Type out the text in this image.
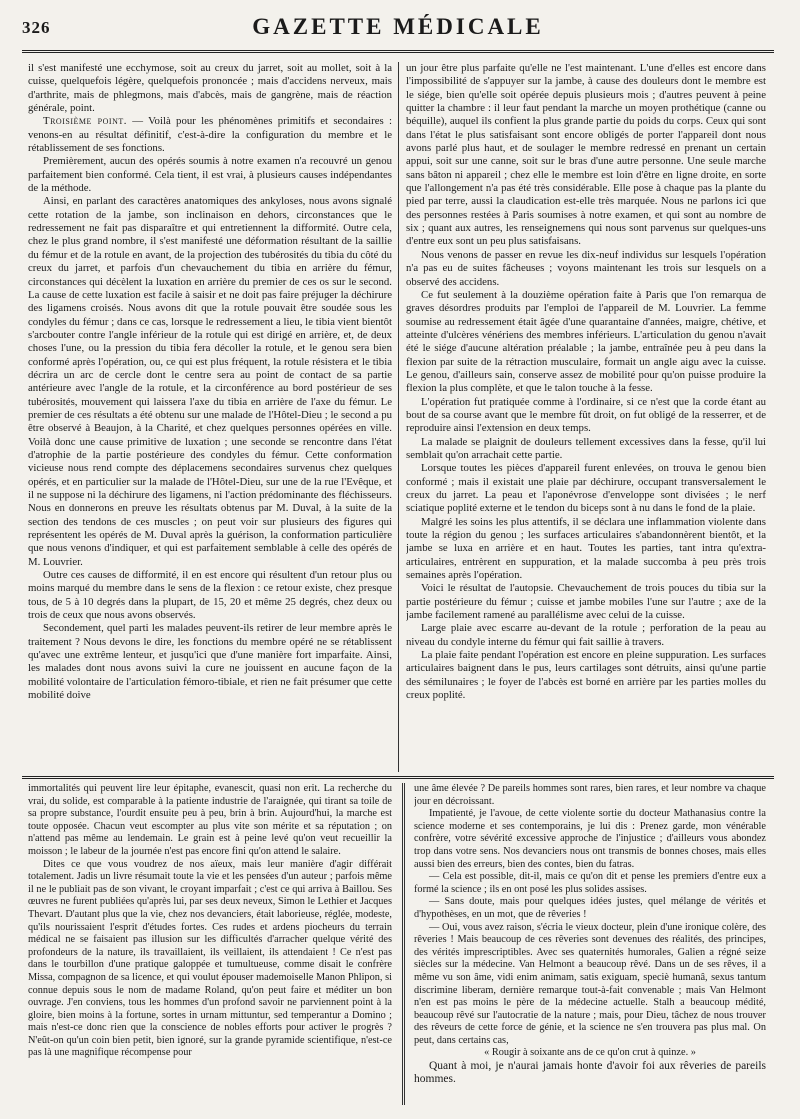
326	GAZETTE MÉDICALE

il s'est manifesté une ecchymose, soit au creux du jarret, soit au mollet, soit à la cuisse, quelquefois légère, quelquefois prononcée ; mais d'accidens nerveux, mais d'arthrite, mais de phlegmons, mais d'abcès, mais de gangrène, mais de réaction générale, point.

Troisième point. — Voilà pour les phénomènes primitifs et secondaires : venons-en au résultat définitif, c'est-à-dire la configuration du membre et le rétablissement de ses fonctions.

Premièrement, aucun des opérés soumis à notre examen n'a recouvré un genou parfaitement bien conformé. Cela tient, il est vrai, à plusieurs causes indépendantes de la méthode.

Ainsi, en parlant des caractères anatomiques des ankyloses, nous avons signalé cette rotation de la jambe, son inclinaison en dehors, circonstances que le redressement ne fait pas disparaître et qui entretiennent la difformité. Outre cela, chez le plus grand nombre, il s'est manifesté une déformation résultant de la saillie du fémur et de la rotule en avant, de la projection des tubérosités du tibia du côté du creux du jarret, et parfois d'un chevauchement du tibia en arrière du fémur, circonstances qui décèlent la luxation en arrière du premier de ces os sur le second. La cause de cette luxation est facile à saisir et ne doit pas faire préjuger la déchirure des ligamens croisés. Nous avons dit que la rotule pouvait être soudée sous les condyles du fémur ; dans ce cas, lorsque le redressement a lieu, le tibia vient bientôt s'arcbouter contre l'angle inférieur de la rotule qui est dirigé en arrière, et, de deux choses l'une, ou la pression du tibia fera décoller la rotule, et le genou sera bien conformé après l'opération, ou, ce qui est plus fréquent, la rotule résistera et le tibia décrira un arc de cercle dont le centre sera au point de contact de sa partie antérieure avec l'angle de la rotule, et la circonférence au bord postérieur de ses tubérosités, mouvement qui laissera l'axe du tibia en arrière de l'axe du fémur. Le premier de ces résultats a été obtenu sur une malade de l'Hôtel-Dieu ; le second a pu être observé à Beaujon, à la Charité, et chez quelques personnes opérées en ville. Voilà donc une cause primitive de luxation ; une seconde se rencontre dans l'état d'atrophie de la partie postérieure des condyles du fémur. Cette conformation vicieuse nous rend compte des déplacemens secondaires survenus chez quelques opérés, et en particulier sur la malade de l'Hôtel-Dieu, sur une de la rue l'Evêque, et il ne suppose ni la déchirure des ligamens, ni l'action prédominante des fléchisseurs. Nous en donnerons en preuve les résultats obtenus par M. Duval, à la suite de la section des tendons de ces muscles ; on peut voir sur plusieurs des figures qui représentent les opérés de M. Duval après la guérison, la conformation particulière que nous venons d'indiquer, et qui est parfaitement semblable à celle des opérés de M. Louvrier.

Outre ces causes de difformité, il en est encore qui résultent d'un retour plus ou moins marqué du membre dans le sens de la flexion : ce retour existe, chez presque tous, de 5 à 10 degrés dans la plupart, de 15, 20 et même 25 degrés, chez deux ou trois de ceux que nous avons observés.

Secondement, quel parti les malades peuvent-ils retirer de leur membre après le traitement ? Nous devons le dire, les fonctions du membre opéré ne se rétablissent qu'avec une extrême lenteur, et jusqu'ici que d'une manière fort imparfaite. Ainsi, les malades dont nous avons suivi la cure ne jouissent en aucune façon de la mobilité volontaire de l'articulation fémoro-tibiale, et rien ne fait présumer que cette mobilité doive

un jour être plus parfaite qu'elle ne l'est maintenant. L'une d'elles est encore dans l'impossibilité de s'appuyer sur la jambe, à cause des douleurs dont le membre est le siége, bien qu'elle soit opérée depuis plusieurs mois ; d'autres peuvent à peine quitter la chambre : il leur faut pendant la marche un moyen prothétique (canne ou béquille), auquel ils confient la plus grande partie du poids du corps. Ceux qui sont dans l'état le plus satisfaisant sont encore obligés de porter l'appareil dont nous avons parlé plus haut, et de soulager le membre redressé en prenant un certain appui, soit sur une canne, soit sur le bras d'une autre personne. Une seule marche sans bâton ni appareil ; chez elle le membre est loin d'être en ligne droite, en sorte que l'allongement n'a pas été très considérable. Elle pose à chaque pas la plante du pied par terre, aussi la claudication est-elle très marquée. Nous ne parlons ici que des personnes restées à Paris soumises à notre examen, et qui sont au nombre de six ; quant aux autres, les renseignemens qui nous sont parvenus sur quelques-uns d'entre eux sont un peu plus satisfaisans.

Nous venons de passer en revue les dix-neuf individus sur lesquels l'opération n'a pas eu de suites fâcheuses ; voyons maintenant les trois sur lesquels on a observé des accidens.

Ce fut seulement à la douzième opération faite à Paris que l'on remarqua de graves désordres produits par l'emploi de l'appareil de M. Louvrier. La femme soumise au redressement était âgée d'une quarantaine d'années, maigre, chétive, et atteinte d'ulcères vénériens des membres inférieurs. L'articulation du genou n'avait été le siége d'aucune altération préalable ; la jambe, entraînée peu à peu dans la flexion par suite de la rétraction musculaire, formait un angle aigu avec la cuisse. Le genou, d'ailleurs sain, conserve assez de mobilité pour qu'on puisse produire la flexion la plus complète, et que le talon touche à la fesse.

L'opération fut pratiquée comme à l'ordinaire, si ce n'est que la corde étant au bout de sa course avant que le membre fût droit, on fut obligé de la resserrer, et de reproduire ainsi l'extension en deux temps.

La malade se plaignit de douleurs tellement excessives dans la fesse, qu'il lui semblait qu'on arrachait cette partie.

Lorsque toutes les pièces d'appareil furent enlevées, on trouva le genou bien conformé ; mais il existait une plaie par déchirure, occupant transversalement le creux du jarret. La peau et l'aponévrose d'enveloppe sont divisées ; le nerf sciatique poplité externe et le tendon du biceps sont à nu dans le fond de la plaie.

Malgré les soins les plus attentifs, il se déclara une inflammation violente dans toute la région du genou ; les surfaces articulaires s'abandonnèrent bientôt, et la jambe se luxa en arrière et en haut. Toutes les parties, tant intra qu'extra-articulaires, entrèrent en suppuration, et la malade succomba à peu près trois semaines après l'opération.

Voici le résultat de l'autopsie. Chevauchement de trois pouces du tibia sur la partie postérieure du fémur ; cuisse et jambe mobiles l'une sur l'autre ; axe de la jambe facilement ramené au parallélisme avec celui de la cuisse.

Large plaie avec escarre au-devant de la rotule ; perforation de la peau au niveau du condyle interne du fémur qui fait saillie à travers.

La plaie faite pendant l'opération est encore en pleine suppuration. Les surfaces articulaires baignent dans le pus, leurs cartilages sont détruits, ainsi qu'une partie des sémilunaires ; le foyer de l'abcès est borné en arrière par les parties molles du creux poplité.

immortalités qui peuvent lire leur épitaphe, evanescit, quasi non erit. La recherche du vrai, du solide, est comparable à la patiente industrie de l'araignée, qui tirant sa toile de sa propre substance, l'ourdit ensuite peu à peu, brin à brin. Aujourd'hui, la marche est toute opposée. Chacun veut escompter au plus vite son mérite et sa réputation ; on n'attend pas même au lendemain. Le grain est à peine levé qu'on veut recueillir la moisson ; le labeur de la journée n'est pas encore fini qu'on attend le salaire.

Dites ce que vous voudrez de nos aïeux, mais leur manière d'agir différait totalement. Jadis un livre résumait toute la vie et les pensées d'un auteur ; parfois même il ne le publiait pas de son vivant, le croyant imparfait ; c'est ce qui arriva à Baillou. Ses œuvres ne furent publiées qu'après lui, par ses deux neveux, Simon le Lethier et Jacques Thevart. D'autant plus que la vie, chez nos devanciers, était laborieuse, réglée, modeste, qu'ils nourissaient l'esprit d'études fortes. Ces rudes et ardens piocheurs du terrain médical ne se faisaient pas illusion sur les difficultés d'arracher quelque vérité des profondeurs de la nature, ils travaillaient, ils veillaient, ils attendaient ! Ce n'est pas dans le tourbillon d'une pratique galoppée et tumultueuse, comme disait le confrère Missa, compagnon de sa licence, et qui voulut épouser mademoiselle Manon Phlipon, si connue depuis sous le nom de madame Roland, qu'on peut faire et méditer un bon ouvrage. J'en conviens, tous les hommes d'un profond savoir ne parviennent point à la gloire, bien moins à la fortune, sortes in urnam mittuntur, sed temperantur a Domino ; mais n'est-ce donc rien que la conscience de nobles efforts pour activer le progrès ? N'eût-on qu'un coin bien petit, bien ignoré, sur la grande pyramide scientifique, n'est-ce pas là une magnifique récompense pour

une âme élevée ? De pareils hommes sont rares, bien rares, et leur nombre va chaque jour en décroissant.

Impatienté, je l'avoue, de cette violente sortie du docteur Mathanasius contre la science moderne et ses contemporains, je lui dis : Prenez garde, mon vénérable confrère, votre sévérité excessive approche de l'injustice ; d'ailleurs vous abondez trop dans votre sens. Nos devanciers nous ont transmis de bonnes choses, mais elles aussi bien des erreurs, bien des contes, bien du fatras.

— Cela est possible, dit-il, mais ce qu'on dit et pense les premiers d'entre eux a formé la science ; ils en ont posé les plus solides assises.

— Sans doute, mais pour quelques idées justes, quel mélange de vérités et d'hypothèses, en un mot, que de rêveries !

— Oui, vous avez raison, s'écria le vieux docteur, plein d'une ironique colère, des rêveries ! Mais beaucoup de ces rêveries sont devenues des réalités, des principes, des vérités imprescriptibles. Avec ses quaternités humorales, Galien a régné seize siècles sur la médecine. Van Helmont a beaucoup rêvé. Dans un de ses rêves, il a même vu son âme, vidi enim animam, satis exiguam, speciè humanâ, sexus tantum discrimine liberam, dernière remarque tout-à-fait convenable ; mais Van Helmont n'en est pas moins le père de la médecine actuelle. Stalh a beaucoup médité, beaucoup rêvé sur l'autocratie de la nature ; mais, pour Dieu, tâchez de nous trouver des rêveurs de cette force de génie, et la science ne s'en trouvera pas plus mal. On peut, dans certains cas,

« Rougir à soixante ans de ce qu'on crut à quinze. »

Quant à moi, je n'aurai jamais honte d'avoir foi aux rêveries de pareils hommes.
